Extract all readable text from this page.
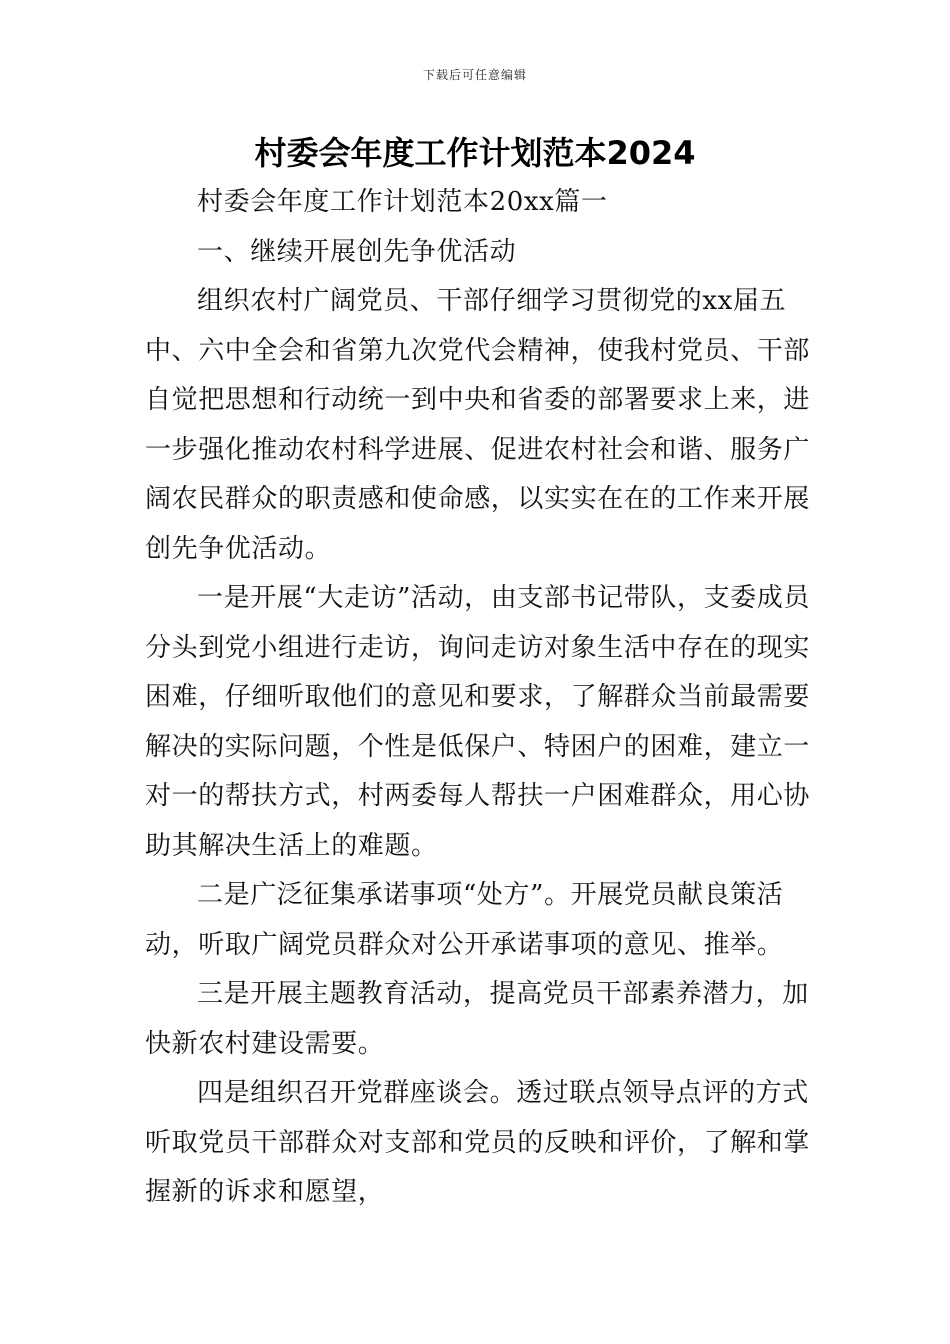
下载后可任意编辑
村委会年度工作计划范本2024

村委会年度工作计划范本20xx篇一

一、继续开展创先争优活动

组织农村广阔党员、干部仔细学习贯彻党的xx届五中、六中全会和省第九次党代会精神，使我村党员、干部自觉把思想和行动统一到中央和省委的部署要求上来，进一步强化推动农村科学进展、促进农村社会和谐、服务广阔农民群众的职责感和使命感，以实实在在的工作来开展创先争优活动。

一是开展“大走访”活动，由支部书记带队，支委成员分头到党小组进行走访，询问走访对象生活中存在的现实困难，仔细听取他们的意见和要求，了解群众当前最需要解决的实际问题，个性是低保户、特困户的困难，建立一对一的帮扶方式，村两委每人帮扶一户困难群众，用心协助其解决生活上的难题。

二是广泛征集承诺事项“处方”。开展党员献良策活动，听取广阔党员群众对公开承诺事项的意见、推举。

三是开展主题教育活动，提高党员干部素养潜力，加快新农村建设需要。

四是组织召开党群座谈会。透过联点领导点评的方式听取党员干部群众对支部和党员的反映和评价，了解和掌握新的诉求和愿望，
